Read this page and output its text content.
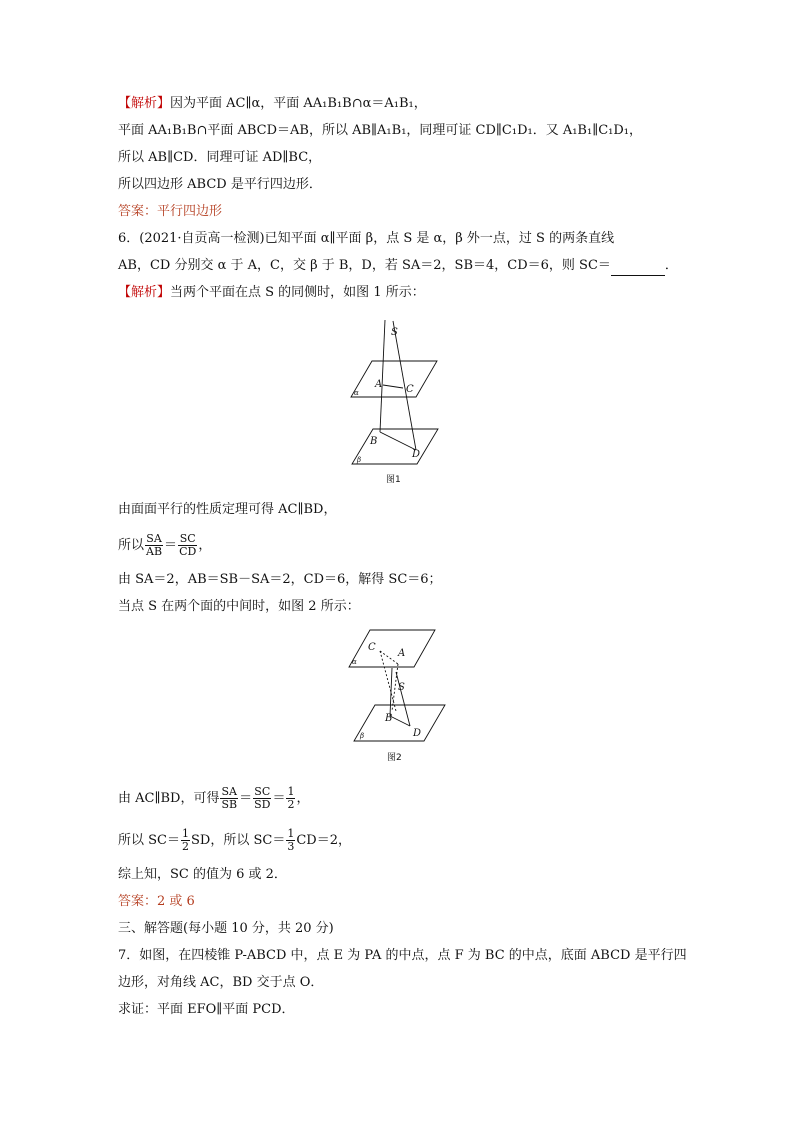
【解析】因为平面 AC∥α，平面 AA₁B₁B∩α＝A₁B₁，
平面 AA₁B₁B∩平面 ABCD＝AB，所以 AB∥A₁B₁，同理可证 CD∥C₁D₁．又 A₁B₁∥C₁D₁，
所以 AB∥CD．同理可证 AD∥BC，
所以四边形 ABCD 是平行四边形．
答案：平行四边形
6．(2021·自贡高一检测)已知平面 α∥平面 β，点 S 是 α，β 外一点，过 S 的两条直线
AB，CD 分别交 α 于 A，C，交 β 于 B，D，若 SA＝2，SB＝4，CD＝6，则 SC＝	．
【解析】当两个平面在点 S 的同侧时，如图 1 所示：
S
A C
B
D
α
β
图1
由面面平行的性质定理可得 AC∥BD，
所以 $\frac{SA}{AB} = \frac{SC}{CD}$ ，
由 SA＝2，AB＝SB－SA＝2，CD＝6，解得 SC＝6；
当点 S 在两个面的中间时，如图 2 所示：
C
A
S
B
D
α
β
图2
由 AC∥BD，可得 $\frac{SA}{SB} = \frac{SC}{SD} = \frac{1}{2}$ ，
所以 $SC= \frac{1}{2}$ SD，所以 $SC= \frac{1}{3} CD=2$，
综上知，SC 的值为 6 或 2．
答案：2 或 6
三、解答题(每小题 10 分，共 20 分)
7．如图，在四棱锥 P-ABCD 中，点 E 为 PA 的中点，点 F 为 BC 的中点，底面 ABCD 是平行四
边形，对角线 AC，BD 交于点 O．
求证：平面 EFO∥平面 PCD．
